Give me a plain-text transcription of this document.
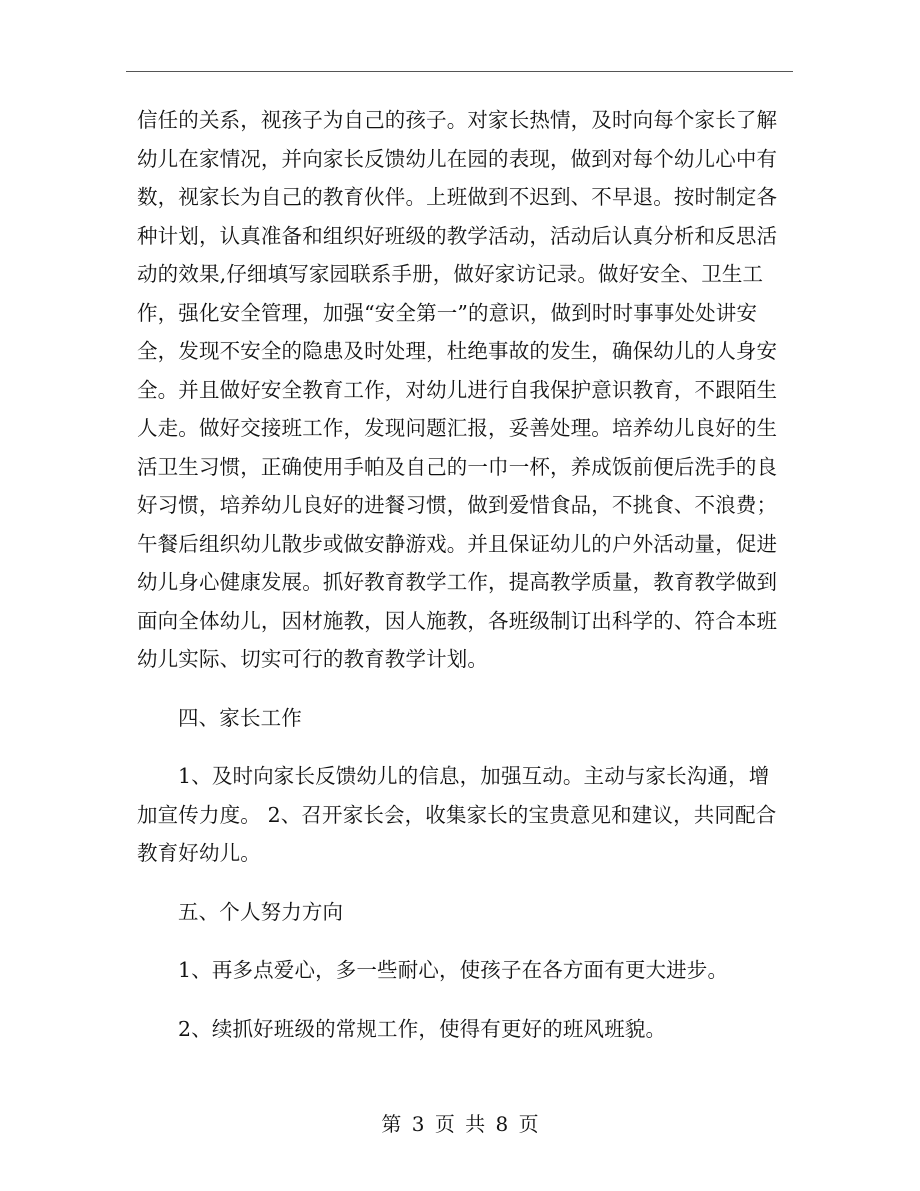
信任的关系，视孩子为自己的孩子。对家长热情，及时向每个家长了解
幼儿在家情况，并向家长反馈幼儿在园的表现，做到对每个幼儿心中有
数，视家长为自己的教育伙伴。上班做到不迟到、不早退。按时制定各
种计划，认真准备和组织好班级的教学活动，活动后认真分析和反思活
动的效果,仔细填写家园联系手册，做好家访记录。做好安全、卫生工
作，强化安全管理，加强“安全第一”的意识，做到时时事事处处讲安
全，发现不安全的隐患及时处理，杜绝事故的发生，确保幼儿的人身安
全。并且做好安全教育工作，对幼儿进行自我保护意识教育，不跟陌生
人走。做好交接班工作，发现问题汇报，妥善处理。培养幼儿良好的生
活卫生习惯，正确使用手帕及自己的一巾一杯，养成饭前便后洗手的良
好习惯，培养幼儿良好的进餐习惯，做到爱惜食品，不挑食、不浪费；
午餐后组织幼儿散步或做安静游戏。并且保证幼儿的户外活动量，促进
幼儿身心健康发展。抓好教育教学工作，提高教学质量，教育教学做到
面向全体幼儿，因材施教，因人施教，各班级制订出科学的、符合本班
幼儿实际、切实可行的教育教学计划。
四、家长工作
1、及时向家长反馈幼儿的信息，加强互动。主动与家长沟通，增
加宣传力度。 2、召开家长会，收集家长的宝贵意见和建议，共同配合
教育好幼儿。
五、个人努力方向
1、再多点爱心，多一些耐心，使孩子在各方面有更大进步。
2、续抓好班级的常规工作，使得有更好的班风班貌。
第 3 页 共 8 页
